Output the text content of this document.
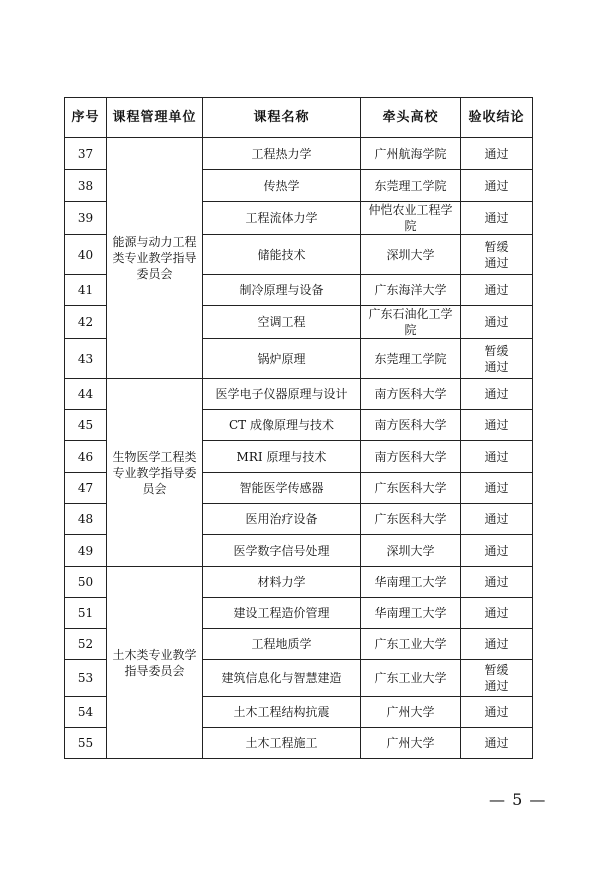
序号	课程管理单位	课程名称	牵头高校	验收结论
37	能源与动力工程类专业教学指导委员会	工程热力学	广州航海学院	通过
38		传热学	东莞理工学院	通过
39		工程流体力学	仲恺农业工程学院	通过
40		储能技术	深圳大学	暂缓通过
41		制冷原理与设备	广东海洋大学	通过
42		空调工程	广东石油化工学院	通过
43		锅炉原理	东莞理工学院	暂缓通过
44	生物医学工程类专业教学指导委员会	医学电子仪器原理与设计	南方医科大学	通过
45		CT 成像原理与技术	南方医科大学	通过
46		MRI 原理与技术	南方医科大学	通过
47		智能医学传感器	广东医科大学	通过
48		医用治疗设备	广东医科大学	通过
49		医学数字信号处理	深圳大学	通过
50	土木类专业教学指导委员会	材料力学	华南理工大学	通过
51		建设工程造价管理	华南理工大学	通过
52		工程地质学	广东工业大学	通过
53		建筑信息化与智慧建造	广东工业大学	暂缓通过
54		土木工程结构抗震	广州大学	通过
55		土木工程施工	广州大学	通过
— 5 —
